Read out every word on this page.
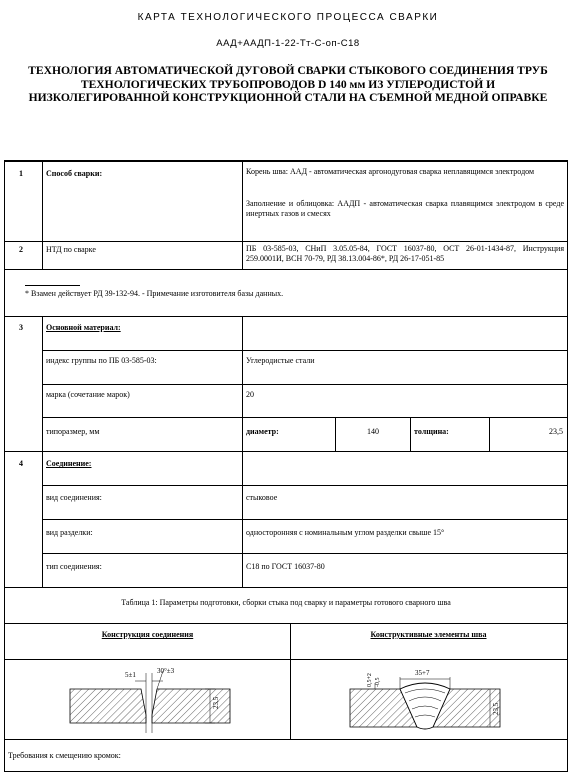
КАРТА ТЕХНОЛОГИЧЕСКОГО ПРОЦЕССА СВАРКИ
ААД+ААДП-1-22-Тт-С-оп-С18
ТЕХНОЛОГИЯ АВТОМАТИЧЕСКОЙ ДУГОВОЙ СВАРКИ СТЫКОВОГО СОЕДИНЕНИЯ ТРУБ ТЕХНОЛОГИЧЕСКИХ ТРУБОПРОВОДОВ D 140 мм ИЗ УГЛЕРОДИСТОЙ И НИЗКОЛЕГИРОВАННОЙ КОНСТРУКЦИОННОЙ СТАЛИ НА СЪЕМНОЙ МЕДНОЙ ОПРАВКЕ
1	Способ сварки:	Корень шва: ААД - автоматическая аргонодуговая сварка неплавящимся электродом
Заполнение и облицовка: ААДП - автоматическая сварка плавящимся электродом в среде инертных газов и смесях
2	НТД по сварке	ПБ 03-585-03, СНиП 3.05.05-84, ГОСТ 16037-80, ОСТ 26-01-1434-87, Инструкция 259.0001И, ВСН 70-79, РД 38.13.004-86*, РД 26-17-051-85
* Взамен действует РД 39-132-94. - Примечание изготовителя базы данных.
3	Основной материал:
индекс группы по ПБ 03-585-03:	Углеродистые стали
марка (сочетание марок)	20
типоразмер, мм	диаметр:	140	толщина:	23,5
4	Соединение:
вид соединения:	стыковое
вид разделки:	односторонняя с номинальным углом разделки свыше 15°
тип соединения:	С18 по ГОСТ 16037-80
Таблица 1: Параметры подготовки, сборки стыка под сварку и параметры готового сварного шва
Конструкция соединения	Конструктивные элементы шва
5±1	30°±3
23,5
35+7
0,5+2 -0,5
23,5
Требования к смещению кромок:
